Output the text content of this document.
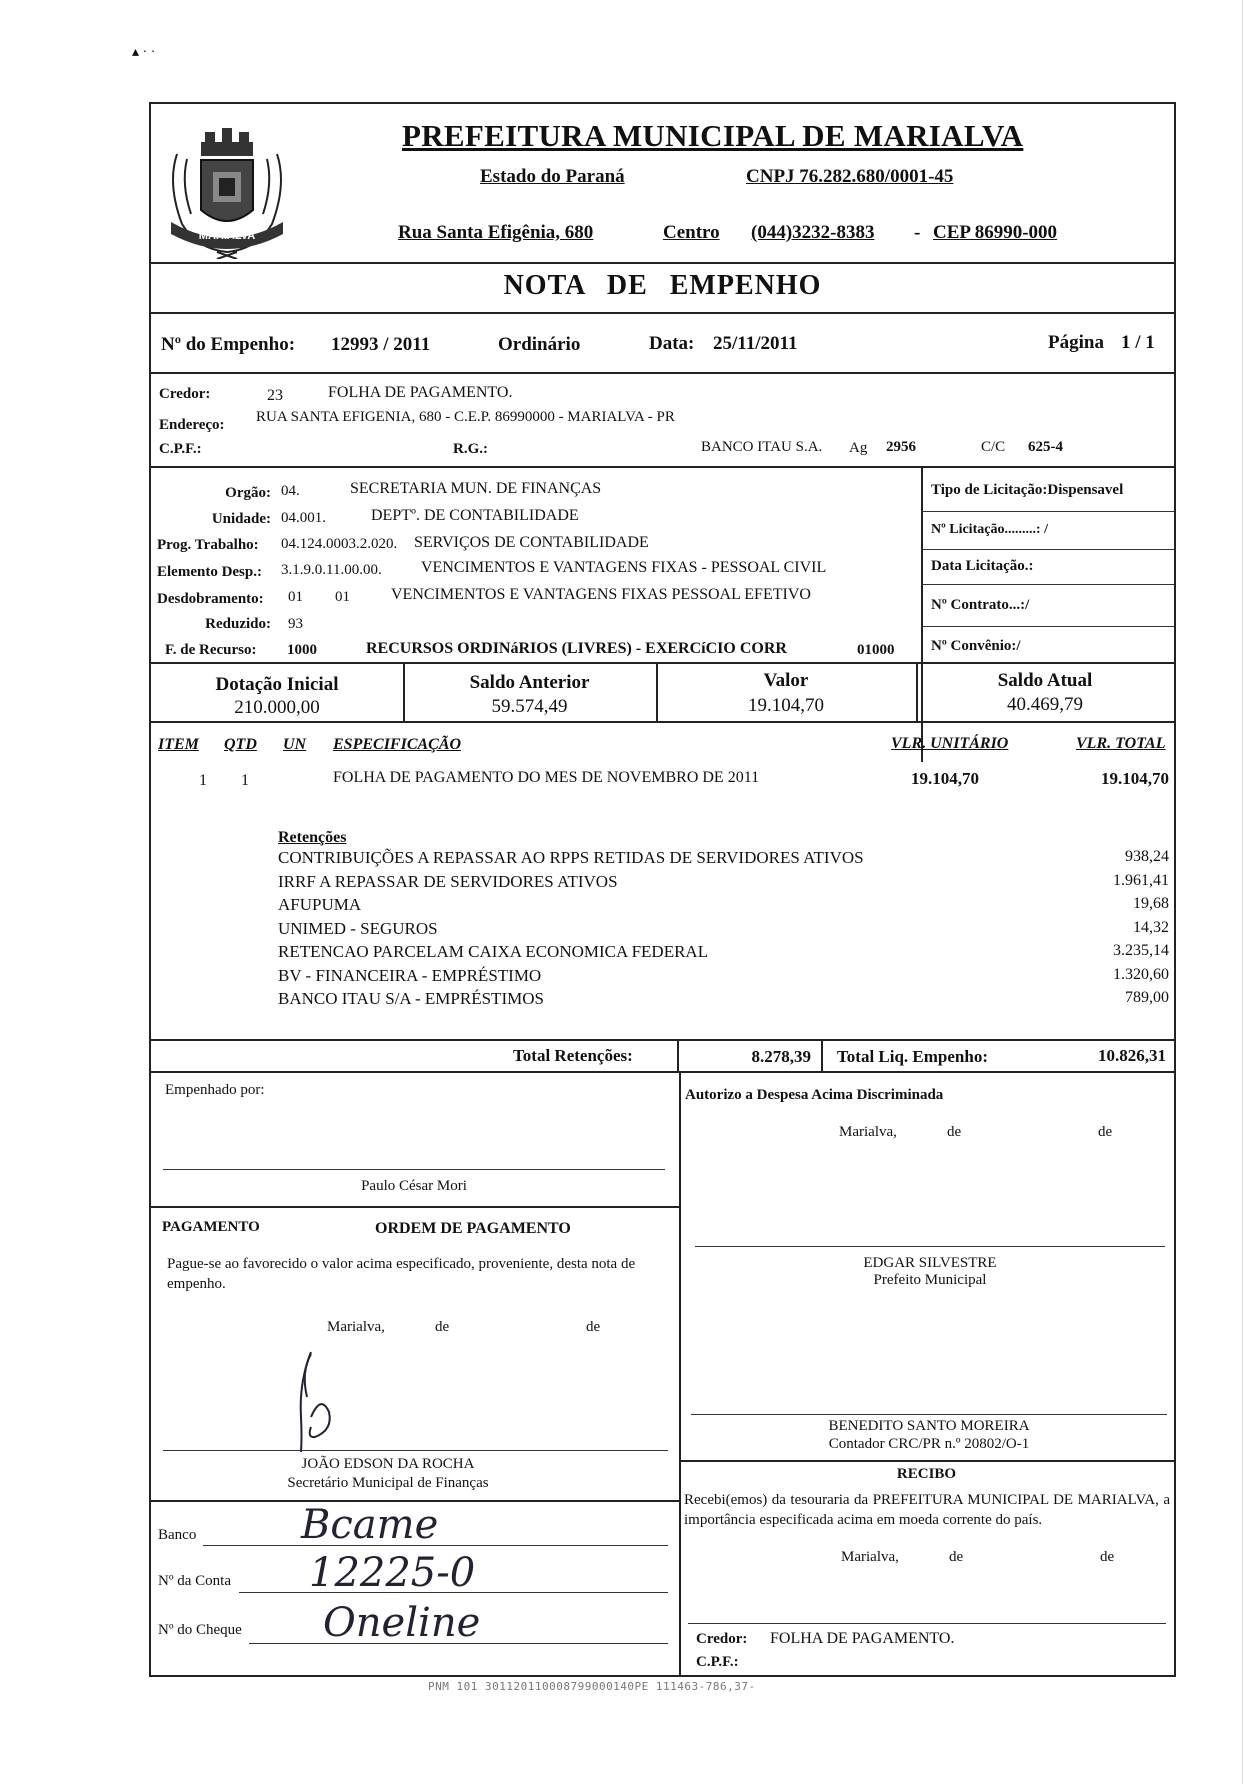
▴ · ·
MARIALVA
PREFEITURA MUNICIPAL DE MARIALVA
Estado do Paraná	CNPJ 76.282.680/0001-45
Rua Santa Efigênia, 680	Centro (044)3232-8383 - CEP 86990-000
NOTA DE EMPENHO
Nº do Empenho: 12993 / 2011	Ordinário	Data: 25/11/2011	Página 1 / 1
Credor:	23	FOLHA DE PAGAMENTO.
Endereço: RUA SANTA EFIGENIA, 680 - C.E.P. 86990000 - MARIALVA - PR
C.P.F.:	R.G.:	BANCO ITAU S.A. Ag 2956	C/C 625-4
Orgão: 04.	SECRETARIA MUN. DE FINANÇAS
Unidade: 04.001.	DEPTº. DE CONTABILIDADE
Prog. Trabalho: 04.124.0003.2.020. SERVIÇOS DE CONTABILIDADE
Elemento Desp.: 3.1.9.0.11.00.00. VENCIMENTOS E VANTAGENS FIXAS - PESSOAL CIVIL
Desdobramento: 01 01	VENCIMENTOS E VANTAGENS FIXAS PESSOAL EFETIVO
Reduzido: 93
F. de Recurso: 1000	RECURSOS ORDINáRIOS (LIVRES) - EXERCíCIO CORR	01000
Tipo de Licitação:Dispensavel
Nº Licitação.........: /
Data Licitação.:
Nº Contrato...:/
Nº Convênio:/
Dotação Inicial
210.000,00
Saldo Anterior
59.574,49
Valor
19.104,70
Saldo Atual
40.469,79
ITEM QTD UN ESPECIFICAÇÃO	VLR. UNITÁRIO	VLR. TOTAL
1 1	FOLHA DE PAGAMENTO DO MES DE NOVEMBRO DE 2011	19.104,70	19.104,70
Retenções
CONTRIBUIÇÕES A REPASSAR AO RPPS RETIDAS DE SERVIDORES ATIVOS	938,24
IRRF A REPASSAR DE SERVIDORES ATIVOS	1.961,41
AFUPUMA	19,68
UNIMED - SEGUROS	14,32
RETENCAO PARCELAM CAIXA ECONOMICA FEDERAL	3.235,14
BV - FINANCEIRA - EMPRÉSTIMO	1.320,60
BANCO ITAU S/A - EMPRÉSTIMOS	789,00
Total Retenções:	8.278,39 Total Liq. Empenho:	10.826,31
Empenhado por:
Paulo César Mori
Autorizo a Despesa Acima Discriminada
Marialva,	de	de
PAGAMENTO	ORDEM DE PAGAMENTO
Pague-se ao favorecido o valor acima especificado, proveniente, desta nota de empenho.
Marialva,	de	de
JOÃO EDSON DA ROCHA
Secretário Municipal de Finanças
Banco	Bcame
Nº da Conta 12225-0
Nº do Cheque Oneline
EDGAR SILVESTRE
Prefeito Municipal
BENEDITO SANTO MOREIRA
Contador CRC/PR n.º 20802/O-1
RECIBO
Recebi(emos) da tesouraria da PREFEITURA MUNICIPAL DE MARIALVA, a importância especificada acima em moeda corrente do país.
Marialva,	de	de
Credor: FOLHA DE PAGAMENTO.
C.P.F.:
PNM 101 301120110008799000140PE 111463-786,37-
